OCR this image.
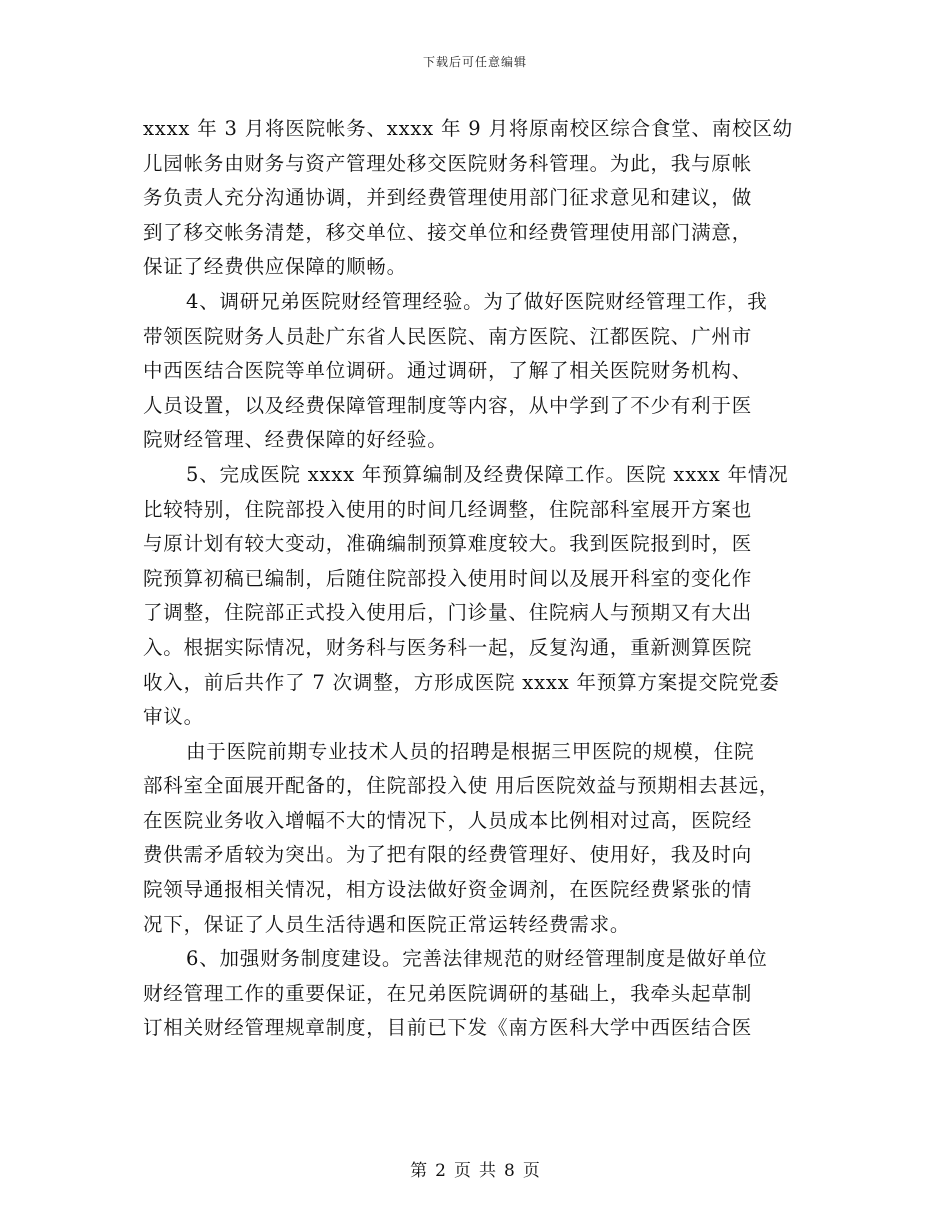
下载后可任意编辑
xxxx 年 3 月将医院帐务、xxxx 年 9 月将原南校区综合食堂、南校区幼
儿园帐务由财务与资产管理处移交医院财务科管理。为此，我与原帐
务负责人充分沟通协调，并到经费管理使用部门征求意见和建议，做
到了移交帐务清楚，移交单位、接交单位和经费管理使用部门满意，
保证了经费供应保障的顺畅。
4、调研兄弟医院财经管理经验。为了做好医院财经管理工作，我
带领医院财务人员赴广东省人民医院、南方医院、江都医院、广州市
中西医结合医院等单位调研。通过调研，了解了相关医院财务机构、
人员设置，以及经费保障管理制度等内容，从中学到了不少有利于医
院财经管理、经费保障的好经验。
5、完成医院 xxxx 年预算编制及经费保障工作。医院 xxxx 年情况
比较特别，住院部投入使用的时间几经调整，住院部科室展开方案也
与原计划有较大变动，准确编制预算难度较大。我到医院报到时，医
院预算初稿已编制，后随住院部投入使用时间以及展开科室的变化作
了调整，住院部正式投入使用后，门诊量、住院病人与预期又有大出
入。根据实际情况，财务科与医务科一起，反复沟通，重新测算医院
收入，前后共作了 7 次调整，方形成医院 xxxx 年预算方案提交院党委
审议。
由于医院前期专业技术人员的招聘是根据三甲医院的规模，住院
部科室全面展开配备的，住院部投入使 用后医院效益与预期相去甚远，
在医院业务收入增幅不大的情况下，人员成本比例相对过高，医院经
费供需矛盾较为突出。为了把有限的经费管理好、使用好，我及时向
院领导通报相关情况，相方设法做好资金调剂，在医院经费紧张的情
况下，保证了人员生活待遇和医院正常运转经费需求。
6、加强财务制度建设。完善法律规范的财经管理制度是做好单位
财经管理工作的重要保证，在兄弟医院调研的基础上，我牵头起草制
订相关财经管理规章制度，目前已下发《南方医科大学中西医结合医
第 2 页 共 8 页
